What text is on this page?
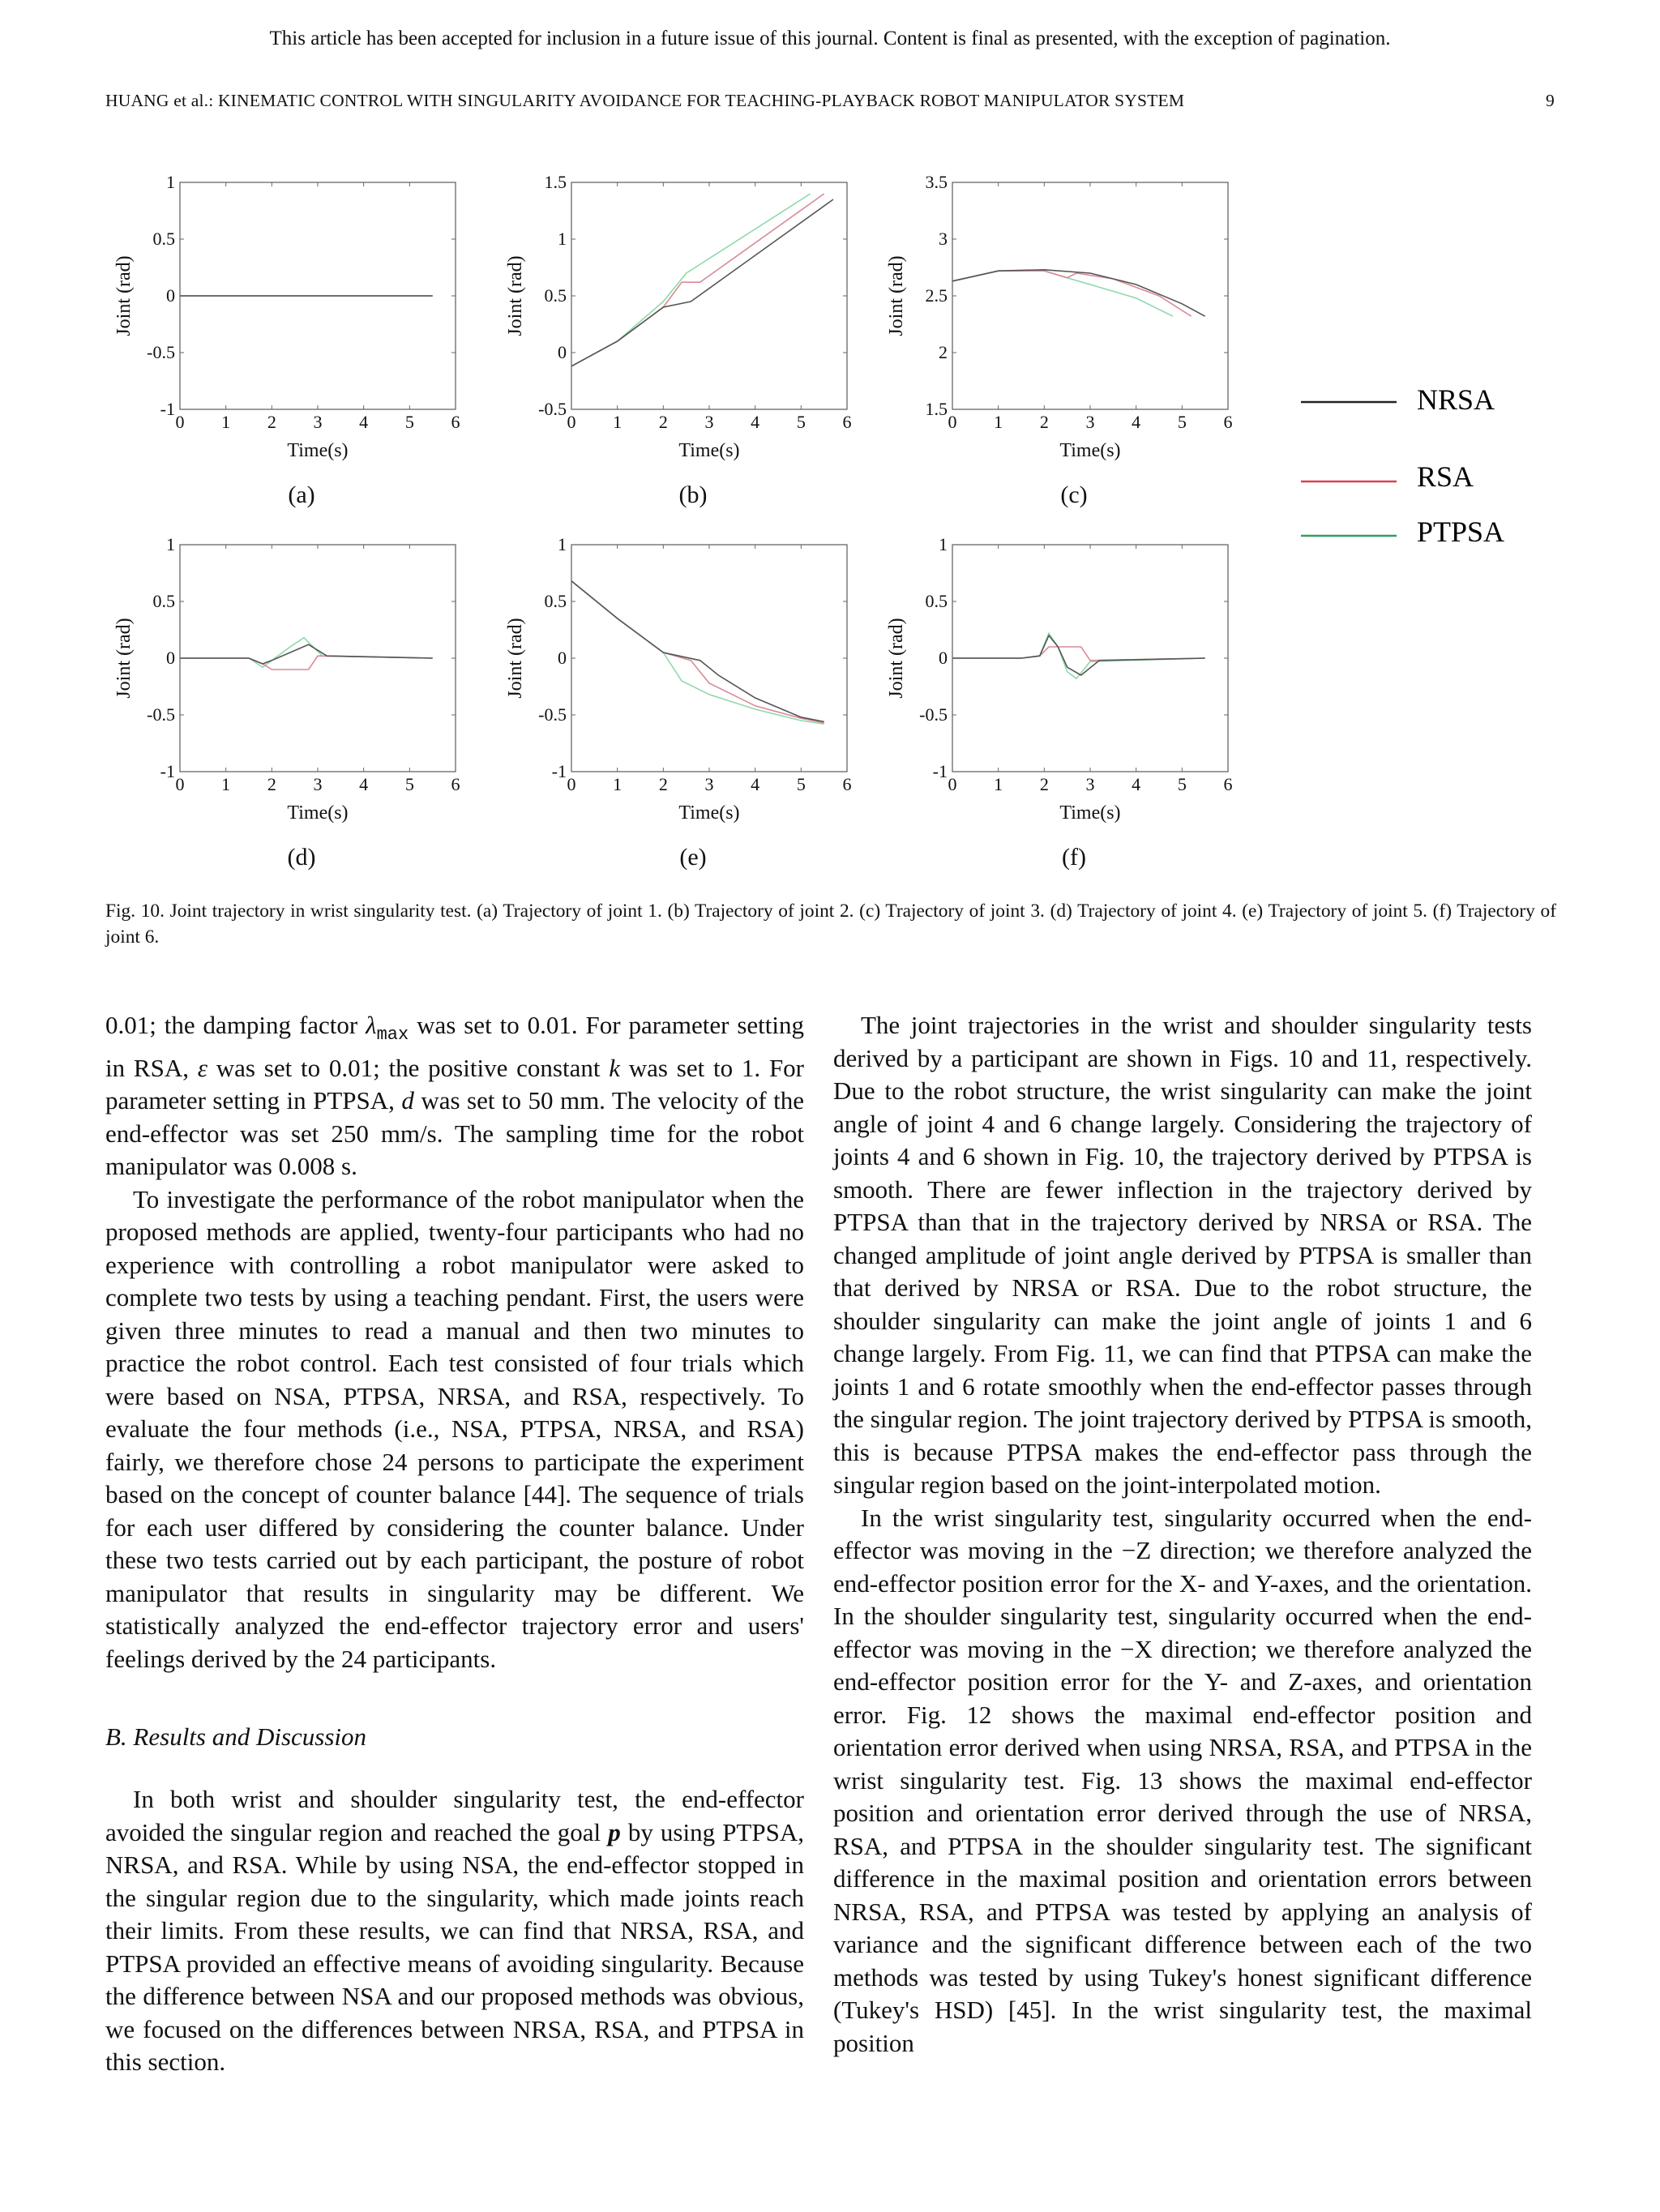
This article has been accepted for inclusion in a future issue of this journal. Content is final as presented, with the exception of pagination.
HUANG et al.: KINEMATIC CONTROL WITH SINGULARITY AVOIDANCE FOR TEACHING-PLAYBACK ROBOT MANIPULATOR SYSTEM	9
0 1 2 3 4 5 6
1
0.5
0
-0.5
-1
Time(s)
Joint (rad)
(a)
0 1 2 3 4 5 6
1.5
1
0.5
0
-0.5
Time(s)
Joint (rad)
(b)
0 1 2 3 4 5 6
3.5
3
2.5
2
1.5
Time(s)
Joint (rad)
(c)
0 1 2 3 4 5 6
1
0.5
0
-0.5
-1
Time(s)
Joint (rad)
(d)
0 1 2 3 4 5 6
1
0.5
0
-0.5
-1
Time(s)
Joint (rad)
(e)
0 1 2 3 4 5 6
1
0.5
0
-0.5
-1
Time(s)
Joint (rad)
(f)
NRSA
RSA
PTPSA
Fig. 10. Joint trajectory in wrist singularity test. (a) Trajectory of joint 1. (b) Trajectory of joint 2. (c) Trajectory of joint 3. (d) Trajectory of joint 4. (e) Trajectory of joint 5. (f) Trajectory of joint 6.

0.01; the damping factor $\lambda_{max}$ was set to 0.01. For parameter setting in RSA, ε was set to 0.01; the positive constant k was set to 1. For parameter setting in PTPSA, d was set to 50 mm. The velocity of the end-effector was set 250 mm/s. The sampling time for the robot manipulator was 0.008 s.

To investigate the performance of the robot manipulator when the proposed methods are applied, twenty-four participants who had no experience with controlling a robot manipulator were asked to complete two tests by using a teaching pendant. First, the users were given three minutes to read a manual and then two minutes to practice the robot control. Each test consisted of four trials which were based on NSA, PTPSA, NRSA, and RSA, respectively. To evaluate the four methods (i.e., NSA, PTPSA, NRSA, and RSA) fairly, we therefore chose 24 persons to participate the experiment based on the concept of counter balance [44]. The sequence of trials for each user differed by considering the counter balance. Under these two tests carried out by each participant, the posture of robot manipulator that results in singularity may be different. We statistically analyzed the end-effector trajectory error and users' feelings derived by the 24 participants.

B. Results and Discussion

In both wrist and shoulder singularity test, the end-effector avoided the singular region and reached the goal p by using PTPSA, NRSA, and RSA. While by using NSA, the end-effector stopped in the singular region due to the singularity, which made joints reach their limits. From these results, we can find that NRSA, RSA, and PTPSA provided an effective means of avoiding singularity. Because the difference between NSA and our proposed methods was obvious, we focused on the differences between NRSA, RSA, and PTPSA in this section.

The joint trajectories in the wrist and shoulder singularity tests derived by a participant are shown in Figs. 10 and 11, respectively. Due to the robot structure, the wrist singularity can make the joint angle of joint 4 and 6 change largely. Considering the trajectory of joints 4 and 6 shown in Fig. 10, the trajectory derived by PTPSA is smooth. There are fewer inflection in the trajectory derived by PTPSA than that in the trajectory derived by NRSA or RSA. The changed amplitude of joint angle derived by PTPSA is smaller than that derived by NRSA or RSA. Due to the robot structure, the shoulder singularity can make the joint angle of joints 1 and 6 change largely. From Fig. 11, we can find that PTPSA can make the joints 1 and 6 rotate smoothly when the end-effector passes through the singular region. The joint trajectory derived by PTPSA is smooth, this is because PTPSA makes the end-effector pass through the singular region based on the joint-interpolated motion.

In the wrist singularity test, singularity occurred when the end-effector was moving in the −Z direction; we therefore analyzed the end-effector position error for the X- and Y-axes, and the orientation. In the shoulder singularity test, singularity occurred when the end-effector was moving in the −X direction; we therefore analyzed the end-effector position error for the Y- and Z-axes, and orientation error. Fig. 12 shows the maximal end-effector position and orientation error derived when using NRSA, RSA, and PTPSA in the wrist singularity test. Fig. 13 shows the maximal end-effector position and orientation error derived through the use of NRSA, RSA, and PTPSA in the shoulder singularity test. The significant difference in the maximal position and orientation errors between NRSA, RSA, and PTPSA was tested by applying an analysis of variance and the significant difference between each of the two methods was tested by using Tukey's honest significant difference (Tukey's HSD) [45]. In the wrist singularity test, the maximal position
